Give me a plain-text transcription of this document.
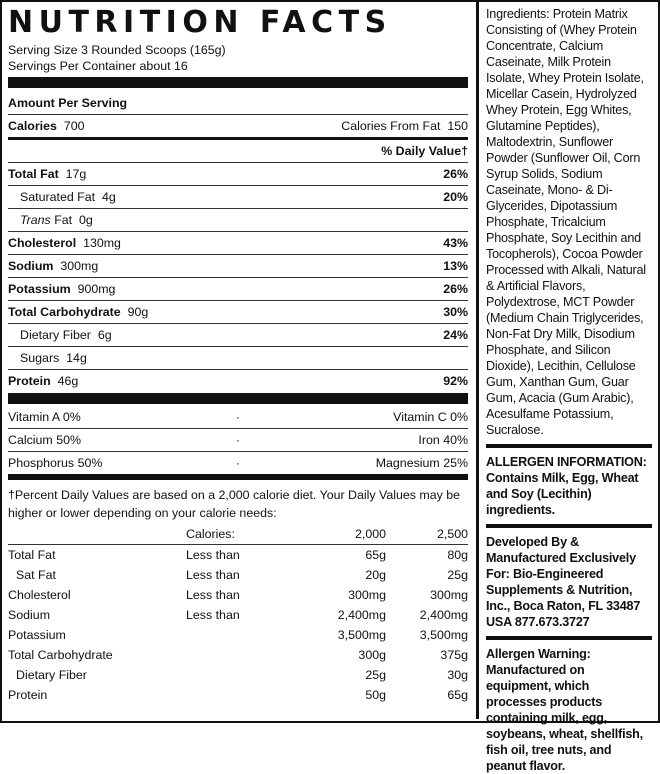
NUTRITION FACTS
Serving Size 3 Rounded Scoops (165g)
Servings Per Container about 16
Amount Per Serving
Calories 700	Calories From Fat 150
% Daily Value†
Total Fat 17g	26%
Saturated Fat 4g	20%
Trans Fat 0g
Cholesterol 130mg	43%
Sodium 300mg	13%
Potassium 900mg	26%
Total Carbohydrate 90g	30%
Dietary Fiber 6g	24%
Sugars 14g
Protein 46g	92%
Vitamin A 0%	·	Vitamin C 0%
Calcium 50%	·	Iron 40%
Phosphorus 50%	·	Magnesium 25%
†Percent Daily Values are based on a 2,000 calorie diet. Your Daily Values may be higher or lower depending on your calorie needs:
	Calories:	2,000	2,500
Total Fat	Less than	65g	80g
Sat Fat	Less than	20g	25g
Cholesterol	Less than	300mg	300mg
Sodium	Less than	2,400mg	2,400mg
Potassium		3,500mg	3,500mg
Total Carbohydrate		300g	375g
Dietary Fiber		25g	30g
Protein		50g	65g
Ingredients: Protein Matrix Consisting of (Whey Protein Concentrate, Calcium Caseinate, Milk Protein Isolate, Whey Protein Isolate, Micellar Casein, Hydrolyzed Whey Protein, Egg Whites, Glutamine Peptides), Maltodextrin, Sunflower Powder (Sunflower Oil, Corn Syrup Solids, Sodium Caseinate, Mono- & Di-Glycerides, Dipotassium Phosphate, Tricalcium Phosphate, Soy Lecithin and Tocopherols), Cocoa Powder Processed with Alkali, Natural & Artificial Flavors, Polydextrose, MCT Powder (Medium Chain Triglycerides, Non-Fat Dry Milk, Disodium Phosphate, and Silicon Dioxide), Lecithin, Cellulose Gum, Xanthan Gum, Guar Gum, Acacia (Gum Arabic), Acesulfame Potassium, Sucralose.
ALLERGEN INFORMATION: Contains Milk, Egg, Wheat and Soy (Lecithin) ingredients.
Developed By & Manufactured Exclusively For: Bio-Engineered Supplements & Nutrition, Inc., Boca Raton, FL 33487 USA 877.673.3727
Allergen Warning: Manufactured on equipment, which processes products containing milk, egg, soybeans, wheat, shellfish, fish oil, tree nuts, and peanut flavor.
